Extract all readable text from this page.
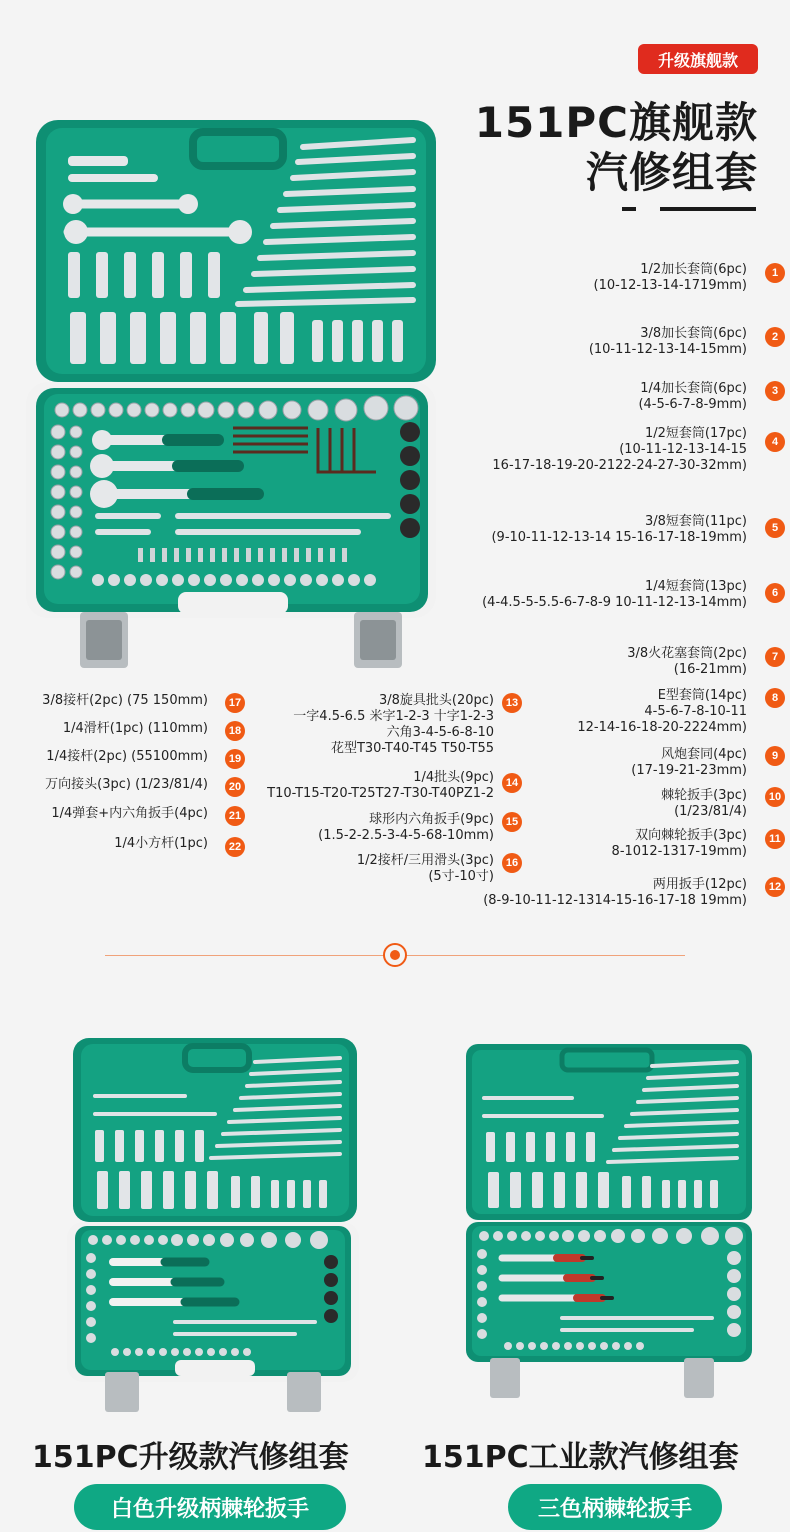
升级旗舰款
151PC旗舰款
汽修组套
1/2加长套筒(6pc)
(10-12-13-14-1719mm)
1
3/8加长套筒(6pc)
(10-11-12-13-14-15mm)
2
1/4加长套筒(6pc)
(4-5-6-7-8-9mm)
3
1/2短套筒(17pc)
(10-11-12-13-14-15
16-17-18-19-20-2122-24-27-30-32mm)
4
3/8短套筒(11pc)
(9-10-11-12-13-14 15-16-17-18-19mm)
5
1/4短套筒(13pc)
(4-4.5-5-5.5-6-7-8-9 10-11-12-13-14mm)
6
3/8火花塞套筒(2pc)
(16-21mm)
7
E型套筒(14pc)
4-5-6-7-8-10-11
12-14-16-18-20-2224mm)
8
风炮套同(4pc)
(17-19-21-23mm)
9
棘轮扳手(3pc)
(1/23/81/4)
10
双向棘轮扳手(3pc)
8-1012-1317-19mm)
11
两用扳手(12pc)
(8-9-10-11-12-1314-15-16-17-18 19mm)
12
3/8旋具批头(20pc)
一字4.5-6.5 米字1-2-3 十字1-2-3
六角3-4-5-6-8-10
花型T30-T40-T45 T50-T55
13
1/4批头(9pc)
T10-T15-T20-T25T27-T30-T40PZ1-2
14
球形内六角扳手(9pc)
(1.5-2-2.5-3-4-5-68-10mm)
15
1/2接杆/三用滑头(3pc)
(5寸-10寸)
16
3/8接杆(2pc) (75 150mm)	17
1/4滑杆(1pc) (110mm)	18
1/4接杆(2pc) (55100mm)	19
万向接头(3pc) (1/23/81/4)	20
1/4弹套+内六角扳手(4pc)	21
1/4小方杆(1pc)	22
151PC升级款汽修组套 151PC工业款汽修组套
白色升级柄棘轮扳手	三色柄棘轮扳手
